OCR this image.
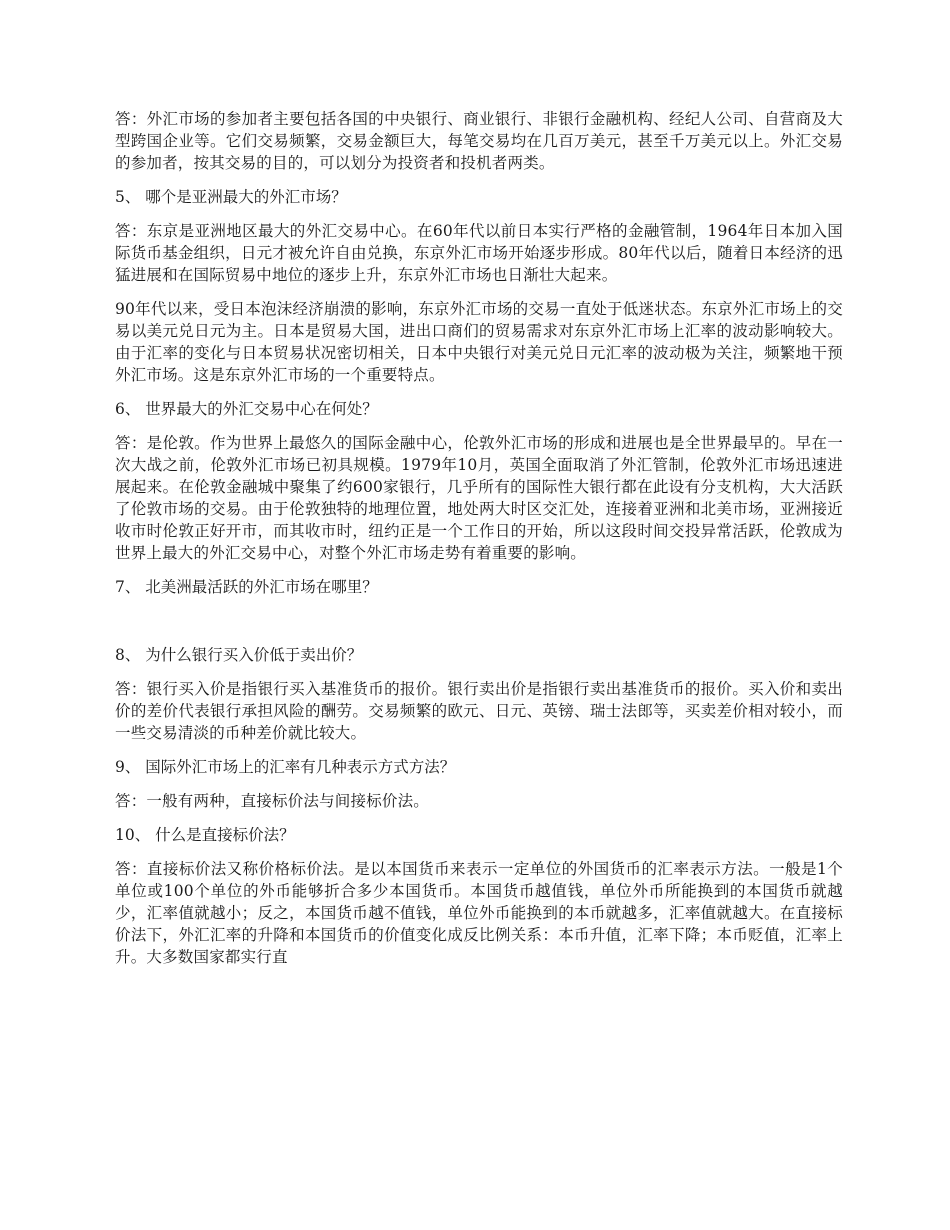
答：外汇市场的参加者主要包括各国的中央银行、商业银行、非银行金融机构、经纪人公司、自营商及大型跨国企业等。它们交易频繁，交易金额巨大，每笔交易均在几百万美元，甚至千万美元以上。外汇交易的参加者，按其交易的目的，可以划分为投资者和投机者两类。

5、 哪个是亚洲最大的外汇市场？

答：东京是亚洲地区最大的外汇交易中心。在60年代以前日本实行严格的金融管制，1964年日本加入国际货币基金组织，日元才被允许自由兑换，东京外汇市场开始逐步形成。80年代以后，随着日本经济的迅猛进展和在国际贸易中地位的逐步上升，东京外汇市场也日渐壮大起来。

90年代以来，受日本泡沫经济崩溃的影响，东京外汇市场的交易一直处于低迷状态。东京外汇市场上的交易以美元兑日元为主。日本是贸易大国，进出口商们的贸易需求对东京外汇市场上汇率的波动影响较大。由于汇率的变化与日本贸易状况密切相关，日本中央银行对美元兑日元汇率的波动极为关注，频繁地干预外汇市场。这是东京外汇市场的一个重要特点。

6、 世界最大的外汇交易中心在何处？

答：是伦敦。作为世界上最悠久的国际金融中心，伦敦外汇市场的形成和进展也是全世界最早的。早在一次大战之前，伦敦外汇市场已初具规模。1979年10月，英国全面取消了外汇管制，伦敦外汇市场迅速进展起来。在伦敦金融城中聚集了约600家银行，几乎所有的国际性大银行都在此设有分支机构，大大活跃了伦敦市场的交易。由于伦敦独特的地理位置，地处两大时区交汇处，连接着亚洲和北美市场，亚洲接近收市时伦敦正好开市，而其收市时，纽约正是一个工作日的开始，所以这段时间交投异常活跃，伦敦成为世界上最大的外汇交易中心，对整个外汇市场走势有着重要的影响。

7、 北美洲最活跃的外汇市场在哪里？

8、 为什么银行买入价低于卖出价？

答：银行买入价是指银行买入基准货币的报价。银行卖出价是指银行卖出基准货币的报价。买入价和卖出价的差价代表银行承担风险的酬劳。交易频繁的欧元、日元、英镑、瑞士法郎等，买卖差价相对较小，而一些交易清淡的币种差价就比较大。

9、 国际外汇市场上的汇率有几种表示方式方法？

答：一般有两种，直接标价法与间接标价法。

10、 什么是直接标价法？

答：直接标价法又称价格标价法。是以本国货币来表示一定单位的外国货币的汇率表示方法。一般是1个单位或100个单位的外币能够折合多少本国货币。本国货币越值钱，单位外币所能换到的本国货币就越少，汇率值就越小；反之，本国货币越不值钱，单位外币能换到的本币就越多，汇率值就越大。在直接标价法下，外汇汇率的升降和本国货币的价值变化成反比例关系：本币升值，汇率下降；本币贬值，汇率上升。大多数国家都实行直
